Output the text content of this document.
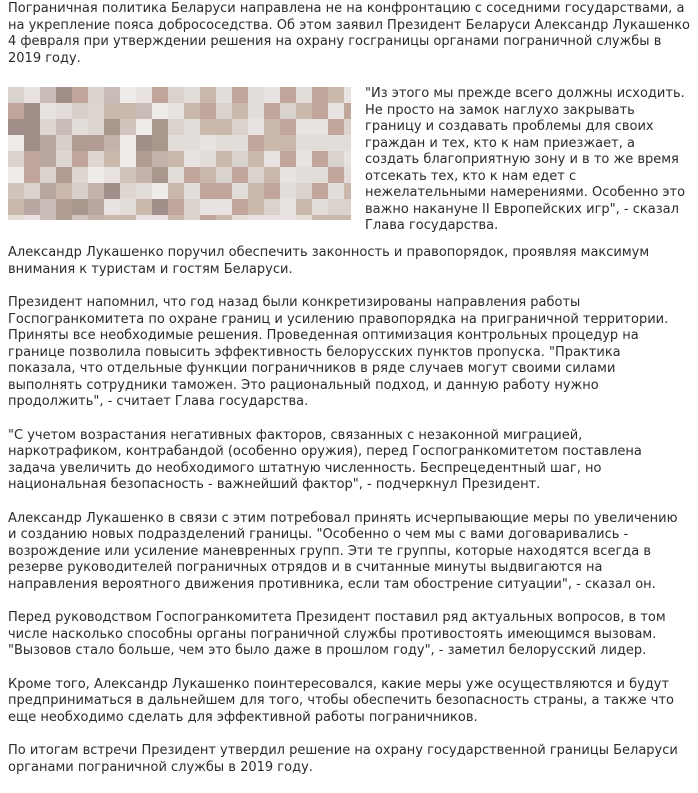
Пограничная политика Беларуси направлена не на конфронтацию с соседними государствами, а на укрепление пояса добрососедства. Об этом заявил Президент Беларуси Александр Лукашенко 4 февраля при утверждении решения на охрану госграницы органами пограничной службы в 2019 году.

"Из этого мы прежде всего должны исходить. Не просто на замок наглухо закрывать границу и создавать проблемы для своих граждан и тех, кто к нам приезжает, а создать благоприятную зону и в то же время отсекать тех, кто к нам едет с нежелательными намерениями. Особенно это важно накануне II Европейских игр", - сказал Глава государства.

Александр Лукашенко поручил обеспечить законность и правопорядок, проявляя максимум внимания к туристам и гостям Беларуси.

Президент напомнил, что год назад были конкретизированы направления работы Госпогранкомитета по охране границ и усилению правопорядка на приграничной территории. Приняты все необходимые решения. Проведенная оптимизация контрольных процедур на границе позволила повысить эффективность белорусских пунктов пропуска. "Практика показала, что отдельные функции пограничников в ряде случаев могут своими силами выполнять сотрудники таможен. Это рациональный подход, и данную работу нужно продолжить", - считает Глава государства.

"С учетом возрастания негативных факторов, связанных с незаконной миграцией, наркотрафиком, контрабандой (особенно оружия), перед Госпогранкомитетом поставлена задача увеличить до необходимого штатную численность. Беспрецедентный шаг, но национальная безопасность - важнейший фактор", - подчеркнул Президент.

Александр Лукашенко в связи с этим потребовал принять исчерпывающие меры по увеличению и созданию новых подразделений границы. "Особенно о чем мы с вами договаривались - возрождение или усиление маневренных групп. Эти те группы, которые находятся всегда в резерве руководителей пограничных отрядов и в считанные минуты выдвигаются на направления вероятного движения противника, если там обострение ситуации", - сказал он.

Перед руководством Госпогранкомитета Президент поставил ряд актуальных вопросов, в том числе насколько способны органы пограничной службы противостоять имеющимся вызовам. "Вызовов стало больше, чем это было даже в прошлом году", - заметил белорусский лидер.

Кроме того, Александр Лукашенко поинтересовался, какие меры уже осуществляются и будут предприниматься в дальнейшем для того, чтобы обеспечить безопасность страны, а также что еще необходимо сделать для эффективной работы пограничников.

По итогам встречи Президент утвердил решение на охрану государственной границы Беларуси органами пограничной службы в 2019 году.
